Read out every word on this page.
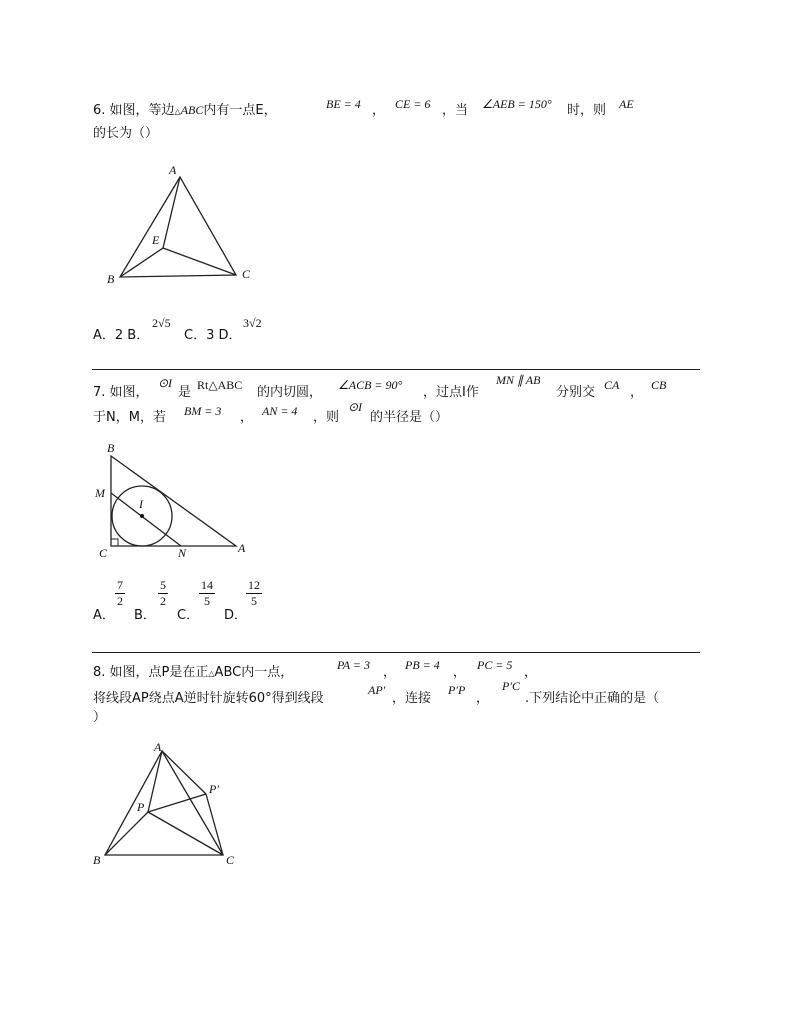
6. 如图，等边△ABC内有一点E，	BE = 4 ， CE = 6 ，当 ∠AEB = 150° 时，则 AE
的长为（）
A
E
B	C
A．2 B．
2√5
C．3 D．
3√2
7. 如图，
⊙I
是 Rt△ABC 的内切圆， ∠ACB = 90° ，过点I作
MN ∥ AB
分别交 CA ， CB
于N，M，若 BM = 3 ， AN = 4 ，则
⊙I
的半径是（）
B
M
I
C	N	A
A．
7
2
B．
5
2
C．
14
5
D．
12
5
8. 如图，点P是在正△ABC内一点，	PA = 3 ， PB = 4 ， PC = 5 ，
将线段AP绕点A逆时针旋转60°得到线段
AP′
，连接
P′P
，
P′C
.下列结论中正确的是（
）
A
P
P′
B	C
